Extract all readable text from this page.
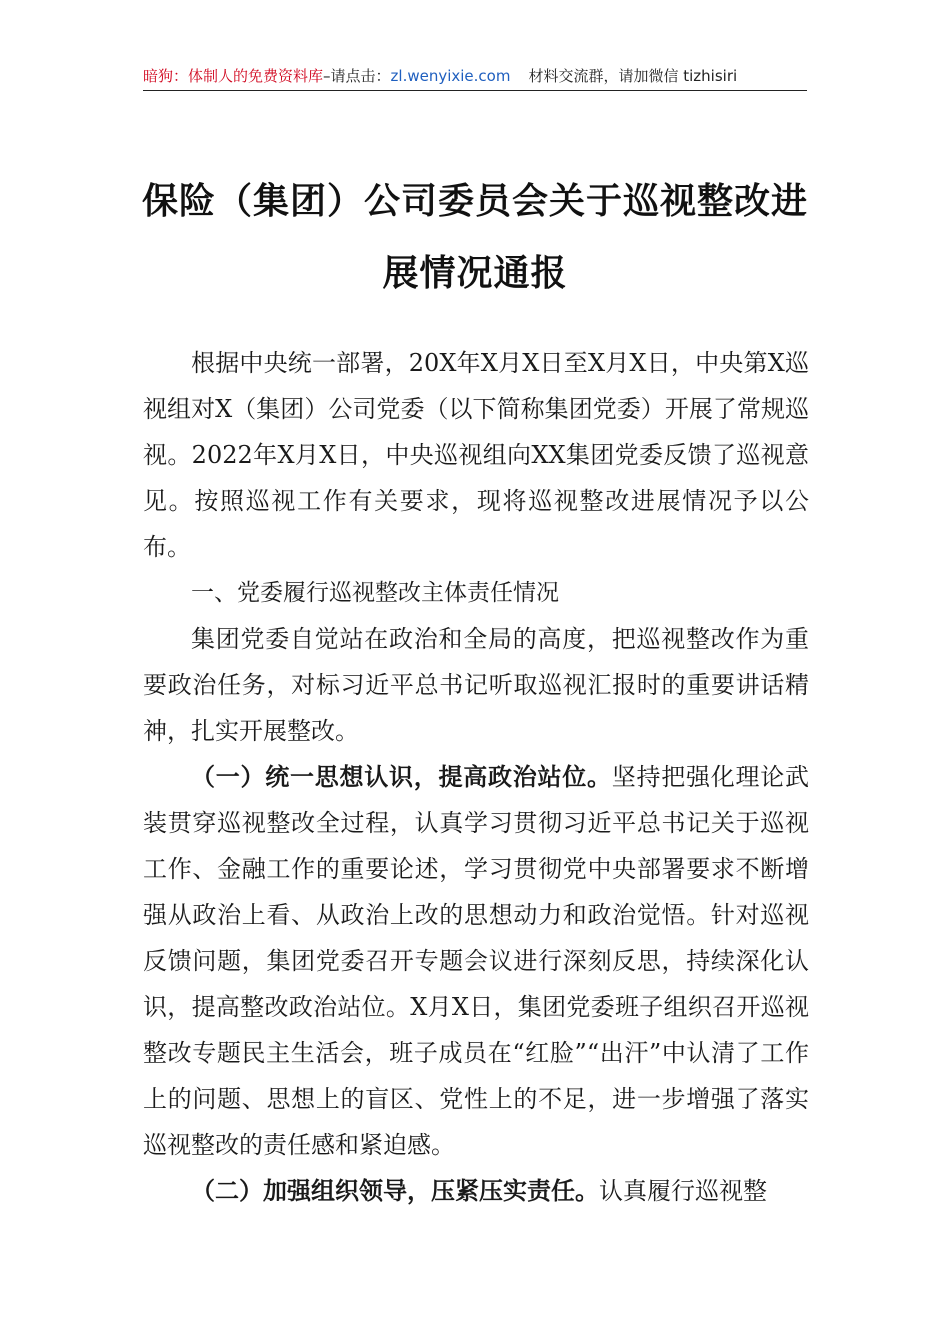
暗狗：体制人的免费资料库–请点击：zl.wenyixie.com 材料交流群，请加微信 tizhisiri
保险（集团）公司委员会关于巡视整改进
展情况通报

根据中央统一部署，20X年X月X日至X月X日，中央第X巡视组对X（集团）公司党委（以下简称集团党委）开展了常规巡视。2022年X月X日，中央巡视组向XX集团党委反馈了巡视意见。按照巡视工作有关要求，现将巡视整改进展情况予以公布。

一、党委履行巡视整改主体责任情况

集团党委自觉站在政治和全局的高度，把巡视整改作为重要政治任务，对标习近平总书记听取巡视汇报时的重要讲话精神，扎实开展整改。

（一）统一思想认识，提高政治站位。坚持把强化理论武装贯穿巡视整改全过程，认真学习贯彻习近平总书记关于巡视工作、金融工作的重要论述，学习贯彻党中央部署要求不断增强从政治上看、从政治上改的思想动力和政治觉悟。针对巡视反馈问题，集团党委召开专题会议进行深刻反思，持续深化认识，提高整改政治站位。X月X日，集团党委班子组织召开巡视整改专题民主生活会，班子成员在“红脸”“出汗”中认清了工作上的问题、思想上的盲区、党性上的不足，进一步增强了落实巡视整改的责任感和紧迫感。

（二）加强组织领导，压紧压实责任。认真履行巡视整
